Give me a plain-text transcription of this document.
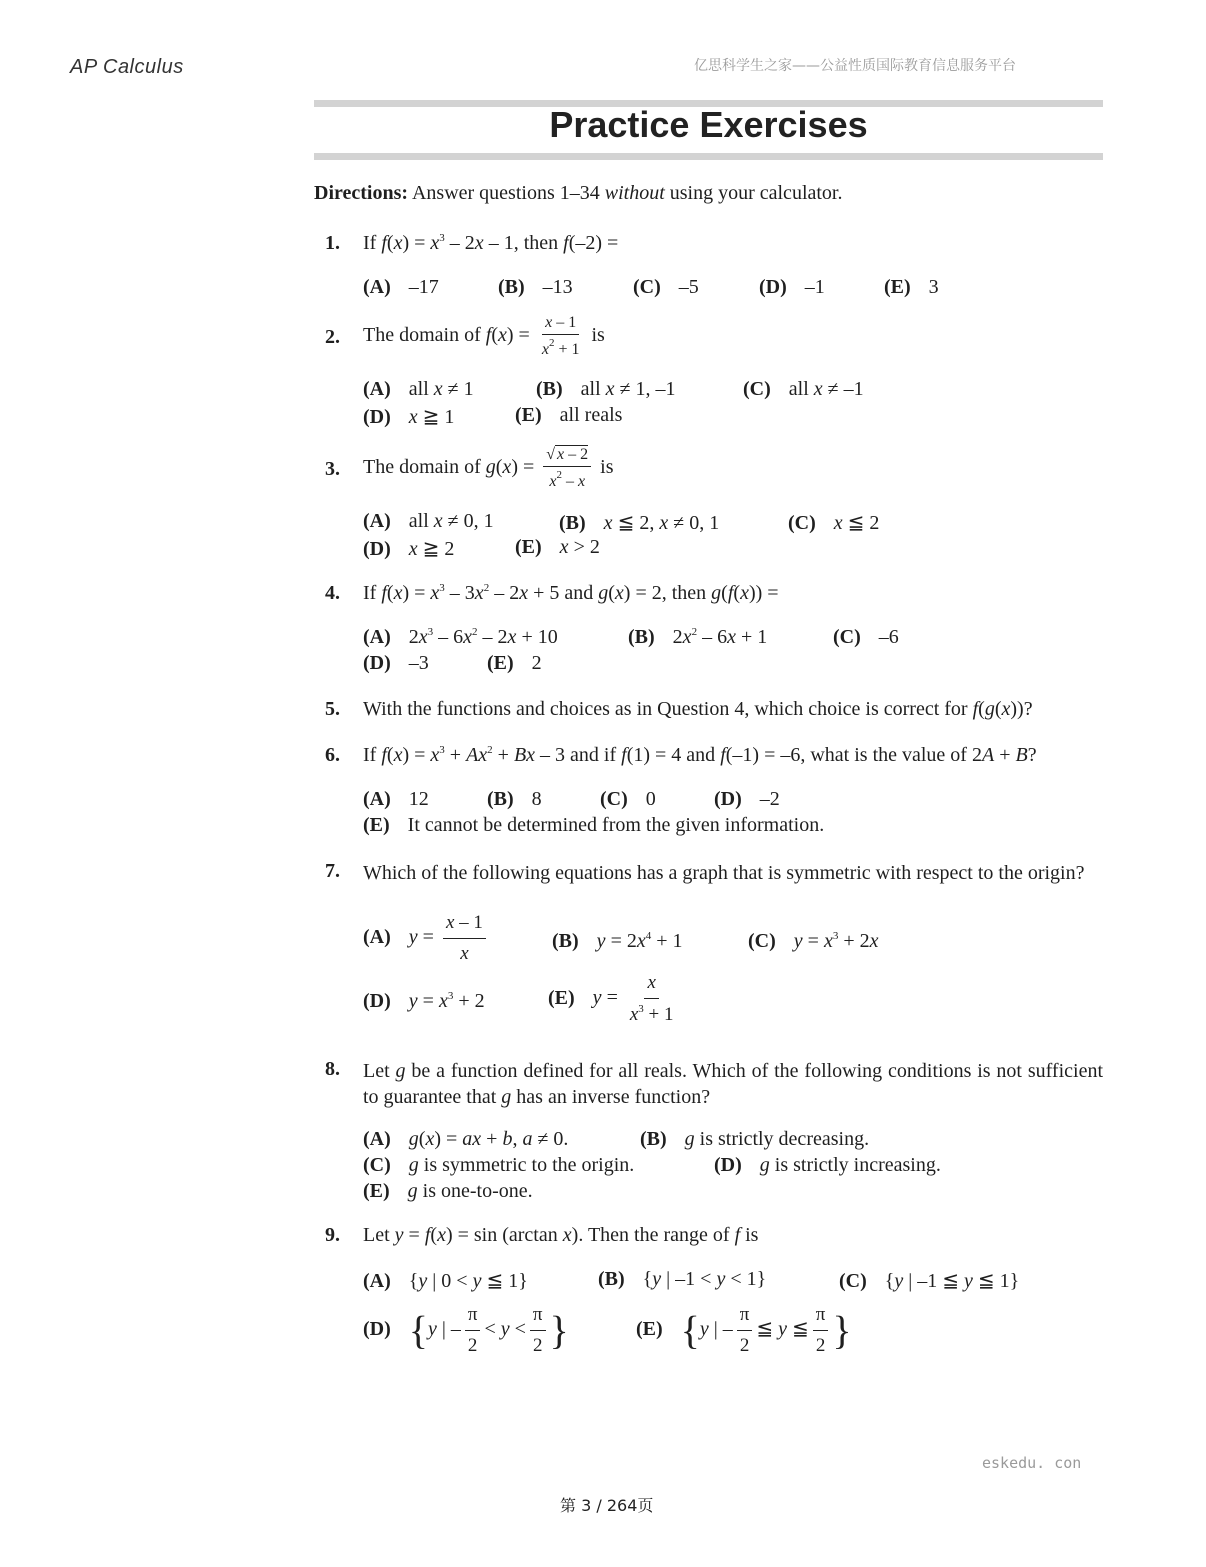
AP Calculus	亿思科学生之家——公益性质国际教育信息服务平台
Practice Exercises
Directions: Answer questions 1–34 without using your calculator.
1. If $f(x) = x^3 - 2x - 1$, then f(–2) =
(A) –17	(B) –13	(C) –5	(D) –1	(E) 3
2. The domain of $f(x) = \frac{x - 1}{x^2 + 1}$ is
(A) all x ≠ 1	(B) all x ≠ 1, –1	(C) all x ≠ –1
(D) x ≧ 1	(E) all reals
3. The domain of $g(x) = \frac{√ x - 2}{x^2 - x}$ is
(A) all x ≠ 0, 1	(B) x ≦ 2, x ≠ 0, 1	(C) x ≦ 2
(D) x ≧ 2	(E) x > 2
4. If $f(x) = x^3 - 3x^2 - 2x + 5$ and g(x) = 2, then g(f(x)) =
(A) $2x^3 - 6x^2 - 2x + 10$	(B) $2x^2 - 6x + 1$	(C) –6
(D) –3	(E) 2
5. With the functions and choices as in Question 4, which choice is correct for f(g(x))?
6. If $f(x) = x^3 + Ax^2 + Bx - 3$ and if f(1) = 4 and f(–1) = –6, what is the value of 2A + B?
(A) 12	(B) 8	(C) 0	(D) –2
(E) It cannot be determined from the given information.
7. Which of the following equations has a graph that is symmetric with respect to the origin?
(A) $y = \frac{x - 1}{x}$	(B) $y = 2x^4 + 1$	(C) $y = x^3 + 2x$
(D) $y = x^3 + 2$	(E) $y = \frac{x}{x^3 + 1}$
8. Let g be a function defined for all reals. Which of the following conditions is not sufficient to guarantee that g has an inverse function?
(A) g(x) = ax + b, a ≠ 0.	(B) g is strictly decreasing.
(C) g is symmetric to the origin.	(D) g is strictly increasing.
(E) g is one-to-one.
9. Let y = f(x) = sin (arctan x). Then the range of f is
(A) {y | 0 < y ≦ 1}	(B) {y | –1 < y < 1}	(C) {y | –1 ≦ y ≦ 1}
(D) {y | – $\frac{\pi}{2} < y < \frac{\pi}{2}$ }	(E) {y | – $\frac{\pi}{2}$ ≦ y ≦ $\frac{\pi}{2}$ }
eskedu. con
第 3 / 264页
